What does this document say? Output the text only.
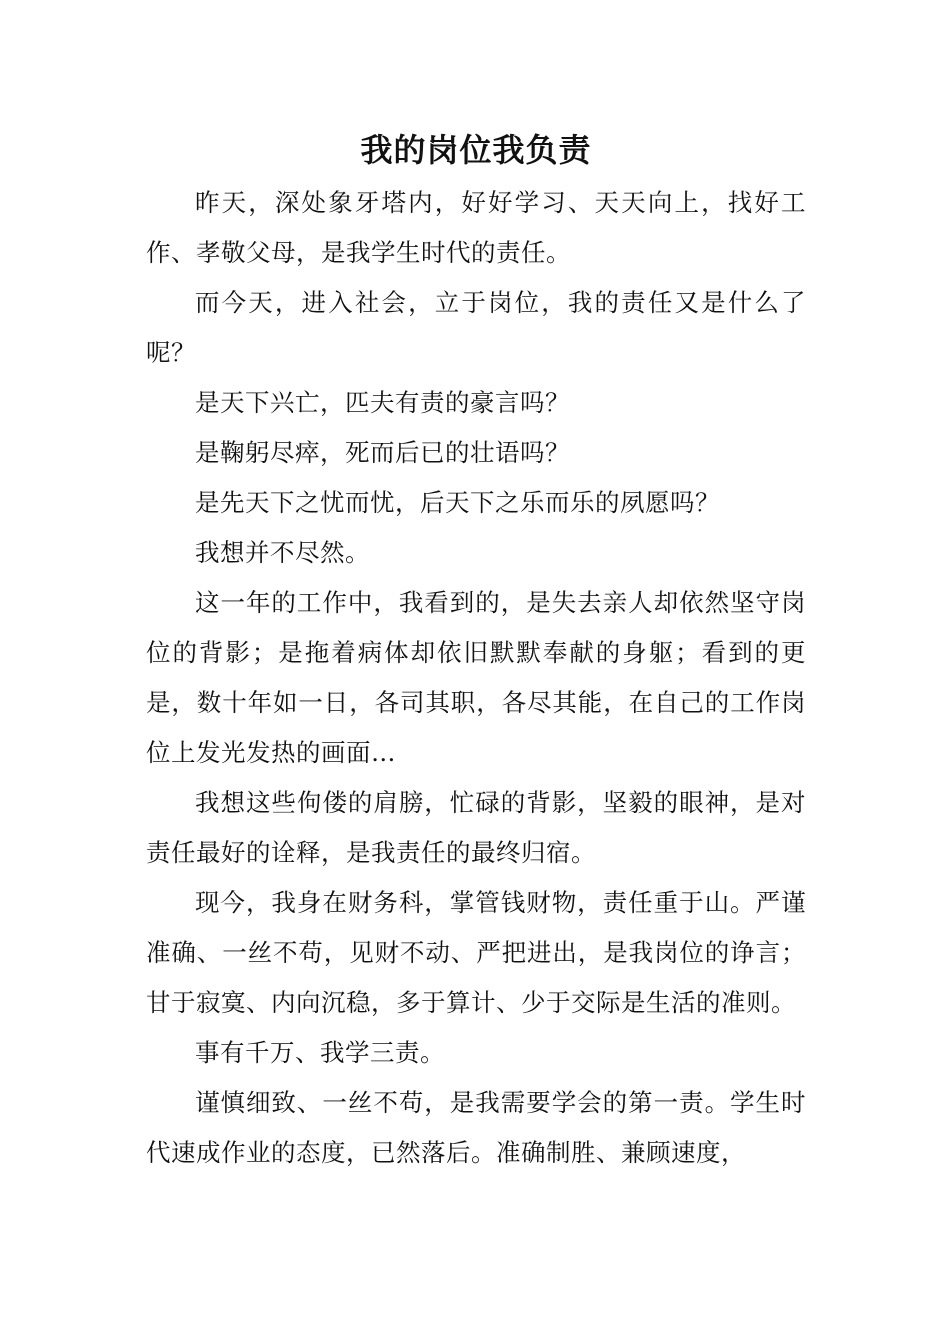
我的岗位我负责

昨天，深处象牙塔内，好好学习、天天向上，找好工作、孝敬父母，是我学生时代的责任。

而今天，进入社会，立于岗位，我的责任又是什么了呢？

是天下兴亡，匹夫有责的豪言吗？

是鞠躬尽瘁，死而后已的壮语吗？

是先天下之忧而忧，后天下之乐而乐的夙愿吗？

我想并不尽然。

这一年的工作中，我看到的，是失去亲人却依然坚守岗位的背影；是拖着病体却依旧默默奉献的身躯；看到的更是，数十年如一日，各司其职，各尽其能，在自己的工作岗位上发光发热的画面…

我想这些佝偻的肩膀，忙碌的背影，坚毅的眼神，是对责任最好的诠释，是我责任的最终归宿。

现今，我身在财务科，掌管钱财物，责任重于山。严谨准确、一丝不苟，见财不动、严把进出，是我岗位的诤言；甘于寂寞、内向沉稳，多于算计、少于交际是生活的准则。

事有千万、我学三责。

谨慎细致、一丝不苟，是我需要学会的第一责。学生时代速成作业的态度，已然落后。准确制胜、兼顾速度，
